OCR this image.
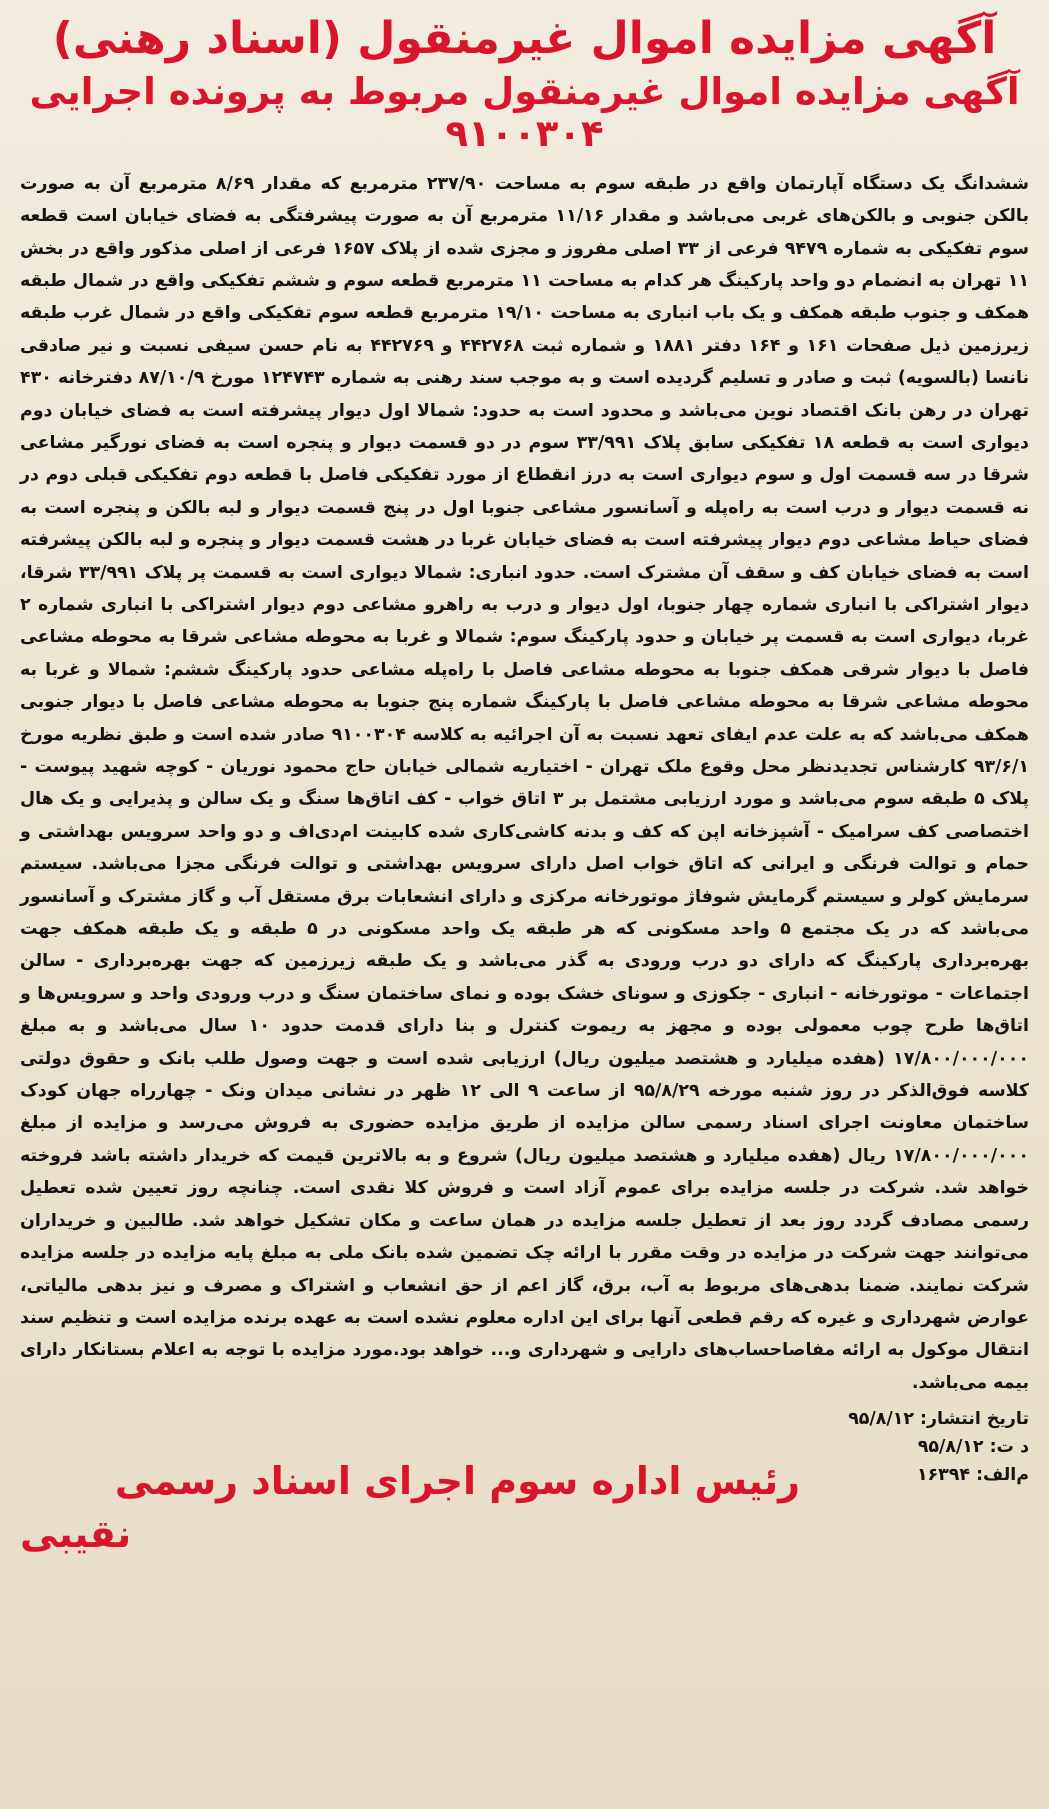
آگهی مزایده اموال غیرمنقول (اسناد رهنی)
آگهی مزایده اموال غیرمنقول مربوط به پرونده اجرایی ۹۱۰۰۳۰۴

ششدانگ یک دستگاه آپارتمان واقع در طبقه سوم به مساحت ۲۳۷/۹۰ مترمربع که مقدار ۸/۶۹ مترمربع آن به صورت بالکن جنوبی و بالکن‌های غربی می‌باشد و مقدار ۱۱/۱۶ مترمربع آن به صورت پیشرفتگی به فضای خیابان است قطعه سوم تفکیکی به شماره ۹۴۷۹ فرعی از ۳۳ اصلی مفروز و مجزی شده از پلاک ۱۶۵۷ فرعی از اصلی مذکور واقع در بخش ۱۱ تهران به انضمام دو واحد پارکینگ هر کدام به مساحت ۱۱ مترمربع قطعه سوم و ششم تفکیکی واقع در شمال طبقه همکف و جنوب طبقه همکف و یک باب انباری به مساحت ۱۹/۱۰ مترمربع قطعه سوم تفکیکی واقع در شمال غرب طبقه زیرزمین ذیل صفحات ۱۶۱ و ۱۶۴ دفتر ۱۸۸۱ و شماره ثبت ۴۴۲۷۶۸ و ۴۴۲۷۶۹ به نام حسن سیفی نسبت و نیر صادقی نانسا (بالسویه) ثبت و صادر و تسلیم گردیده است و به موجب سند رهنی به شماره ۱۲۴۷۴۳ مورخ ۸۷/۱۰/۹ دفترخانه ۴۳۰ تهران در رهن بانک اقتصاد نوین می‌باشد و محدود است به حدود: شمالا اول دیوار پیشرفته است به فضای خیابان دوم دیواری است به قطعه ۱۸ تفکیکی سابق پلاک ۳۳/۹۹۱ سوم در دو قسمت دیوار و پنجره است به فضای نورگیر مشاعی شرقا در سه قسمت اول و سوم دیواری است به درز انقطاع از مورد تفکیکی فاصل با قطعه دوم تفکیکی قبلی دوم در نه قسمت دیوار و درب است به راه‌پله و آسانسور مشاعی جنوبا اول در پنج قسمت دیوار و لبه بالکن و پنجره است به فضای حیاط مشاعی دوم دیوار پیشرفته است به فضای خیابان غربا در هشت قسمت دیوار و پنجره و لبه بالکن پیشرفته است به فضای خیابان کف و سقف آن مشترک است. حدود انباری: شمالا دیواری است به قسمت پر پلاک ۳۳/۹۹۱ شرقا، دیوار اشتراکی با انباری شماره چهار جنوبا، اول دیوار و درب به راهرو مشاعی دوم دیوار اشتراکی با انباری شماره ۲ غربا، دیواری است به قسمت پر خیابان و حدود پارکینگ سوم: شمالا و غربا به محوطه مشاعی شرقا به محوطه مشاعی فاصل با دیوار شرقی همکف جنوبا به محوطه مشاعی فاصل با راه‌پله مشاعی حدود پارکینگ ششم: شمالا و غربا به محوطه مشاعی شرقا به محوطه مشاعی فاصل با پارکینگ شماره پنج جنوبا به محوطه مشاعی فاصل با دیوار جنوبی همکف می‌باشد که به علت عدم ایفای تعهد نسبت به آن اجرائیه به کلاسه ۹۱۰۰۳۰۴ صادر شده است و طبق نظریه مورخ ۹۳/۶/۱ کارشناس تجدیدنظر محل وقوع ملک تهران - اختیاریه شمالی خیابان حاج محمود نوریان - کوچه شهید پیوست - پلاک ۵ طبقه سوم می‌باشد و مورد ارزیابی مشتمل بر ۳ اتاق خواب - کف اتاق‌ها سنگ و یک سالن و پذیرایی و یک هال اختصاصی کف سرامیک - آشپزخانه اپن که کف و بدنه کاشی‌کاری شده کابینت ام‌دی‌اف و دو واحد سرویس بهداشتی و حمام و توالت فرنگی و ایرانی که اتاق خواب اصل دارای سرویس بهداشتی و توالت فرنگی مجزا می‌باشد. سیستم سرمایش کولر و سیستم گرمایش شوفاژ موتورخانه مرکزی و دارای انشعابات برق مستقل آب و گاز مشترک و آسانسور می‌باشد که در یک مجتمع ۵ واحد مسکونی که هر طبقه یک واحد مسکونی در ۵ طبقه و یک طبقه همکف جهت بهره‌برداری پارکینگ که دارای دو درب ورودی به گذر می‌باشد و یک طبقه زیرزمین که جهت بهره‌برداری - سالن اجتماعات - موتورخانه - انباری - جکوزی و سونای خشک بوده و نمای ساختمان سنگ و درب ورودی واحد و سرویس‌ها و اتاق‌ها طرح چوب معمولی بوده و مجهز به ریموت کنترل و بنا دارای قدمت حدود ۱۰ سال می‌باشد و به مبلغ ۱۷/۸۰۰/۰۰۰/۰۰۰ (هفده میلیارد و هشتصد میلیون ریال) ارزیابی شده است و جهت وصول طلب بانک و حقوق دولتی کلاسه فوق‌الذکر در روز شنبه مورخه ۹۵/۸/۲۹ از ساعت ۹ الی ۱۲ ظهر در نشانی میدان ونک - چهارراه جهان کودک ساختمان معاونت اجرای اسناد رسمی سالن مزایده از طریق مزایده حضوری به فروش می‌رسد و مزایده از مبلغ ۱۷/۸۰۰/۰۰۰/۰۰۰ ریال (هفده میلیارد و هشتصد میلیون ریال) شروع و به بالاترین قیمت که خریدار داشته باشد فروخته خواهد شد. شرکت در جلسه مزایده برای عموم آزاد است و فروش کلا نقدی است. چنانچه روز تعیین شده تعطیل رسمی مصادف گردد روز بعد از تعطیل جلسه مزایده در همان ساعت و مکان تشکیل خواهد شد. طالبین و خریداران می‌توانند جهت شرکت در مزایده در وقت مقرر با ارائه چک تضمین شده بانک ملی به مبلغ پایه مزایده در جلسه مزایده شرکت نمایند. ضمنا بدهی‌های مربوط به آب، برق، گاز اعم از حق انشعاب و اشتراک و مصرف و نیز بدهی مالیاتی، عوارض شهرداری و غیره که رقم قطعی آنها برای این اداره معلوم نشده است به عهده برنده مزایده است و تنظیم سند انتقال موکول به ارائه مفاصاحساب‌های دارایی و شهرداری و... خواهد بود.مورد مزایده با توجه به اعلام بستانکار دارای بیمه می‌باشد.

تاریخ انتشار: ۹۵/۸/۱۲
د ت: ۹۵/۸/۱۲
م‌الف: ۱۶۳۹۴
رئیس اداره سوم اجرای اسناد رسمی
نقیبی
